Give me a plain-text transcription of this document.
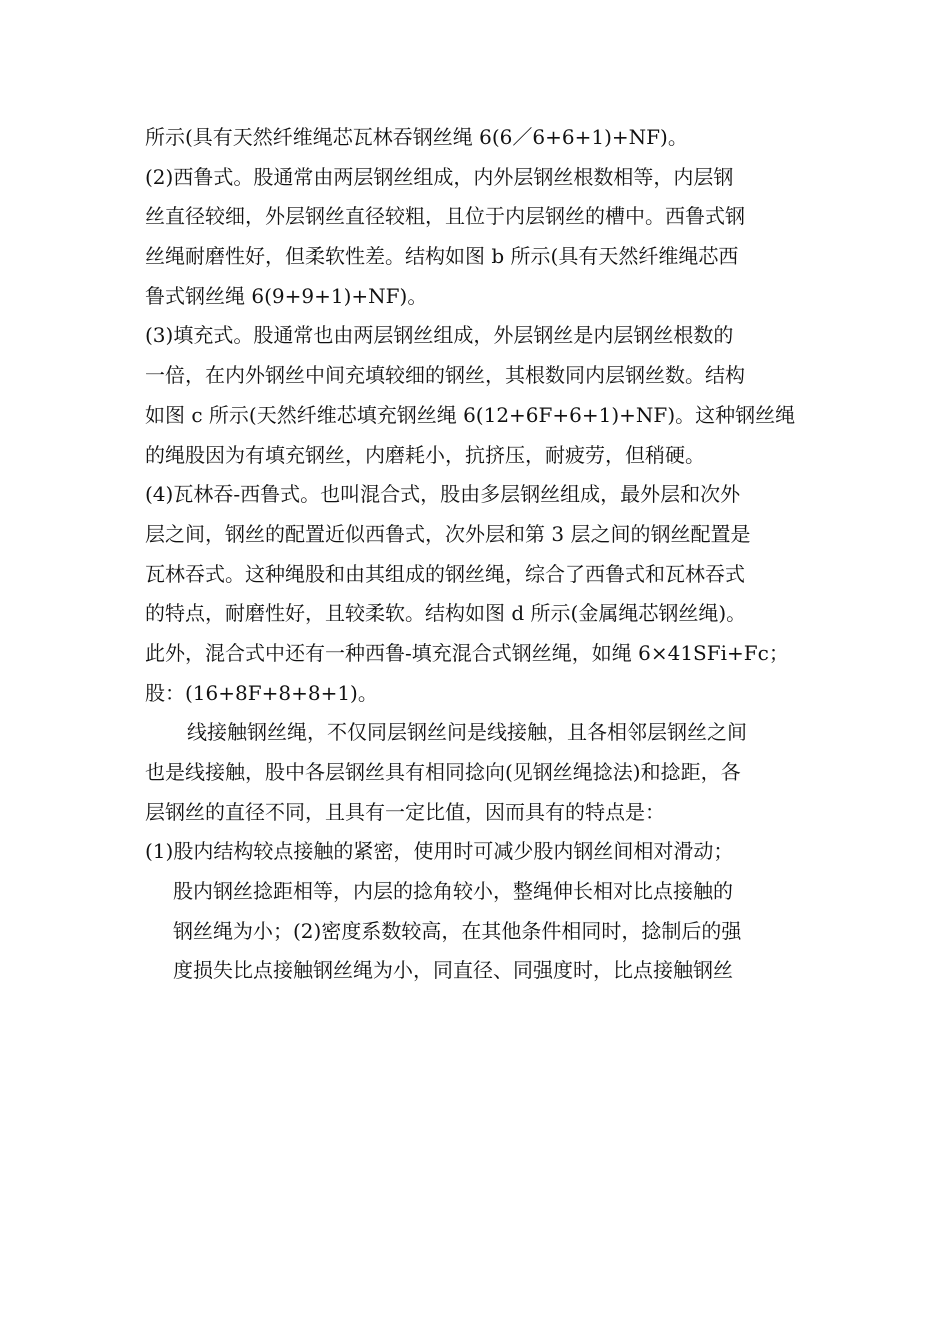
所示(具有天然纤维绳芯瓦林吞钢丝绳 6(6／6+6+1)+NF)。
(2)西鲁式。股通常由两层钢丝组成，内外层钢丝根数相等，内层钢
丝直径较细，外层钢丝直径较粗，且位于内层钢丝的槽中。西鲁式钢
丝绳耐磨性好，但柔软性差。结构如图 b 所示(具有天然纤维绳芯西
鲁式钢丝绳 6(9+9+1)+NF)。
(3)填充式。股通常也由两层钢丝组成，外层钢丝是内层钢丝根数的
一倍，在内外钢丝中间充填较细的钢丝，其根数同内层钢丝数。结构
如图 c 所示(天然纤维芯填充钢丝绳 6(12+6F+6+1)+NF)。这种钢丝绳
的绳股因为有填充钢丝，内磨耗小，抗挤压，耐疲劳，但稍硬。
(4)瓦林吞-西鲁式。也叫混合式，股由多层钢丝组成，最外层和次外
层之间，钢丝的配置近似西鲁式，次外层和第 3 层之间的钢丝配置是
瓦林吞式。这种绳股和由其组成的钢丝绳，综合了西鲁式和瓦林吞式
的特点，耐磨性好，且较柔软。结构如图 d 所示(金属绳芯钢丝绳)。
此外，混合式中还有一种西鲁-填充混合式钢丝绳，如绳 6×41SFi+Fc；
股：(16+8F+8+8+1)。
线接触钢丝绳，不仅同层钢丝问是线接触，且各相邻层钢丝之间
也是线接触，股中各层钢丝具有相同捻向(见钢丝绳捻法)和捻距，各
层钢丝的直径不同，且具有一定比值，因而具有的特点是：
(1)股内结构较点接触的紧密，使用时可减少股内钢丝间相对滑动；
股内钢丝捻距相等，内层的捻角较小，整绳伸长相对比点接触的
钢丝绳为小；(2)密度系数较高，在其他条件相同时，捻制后的强
度损失比点接触钢丝绳为小，同直径、同强度时，比点接触钢丝
